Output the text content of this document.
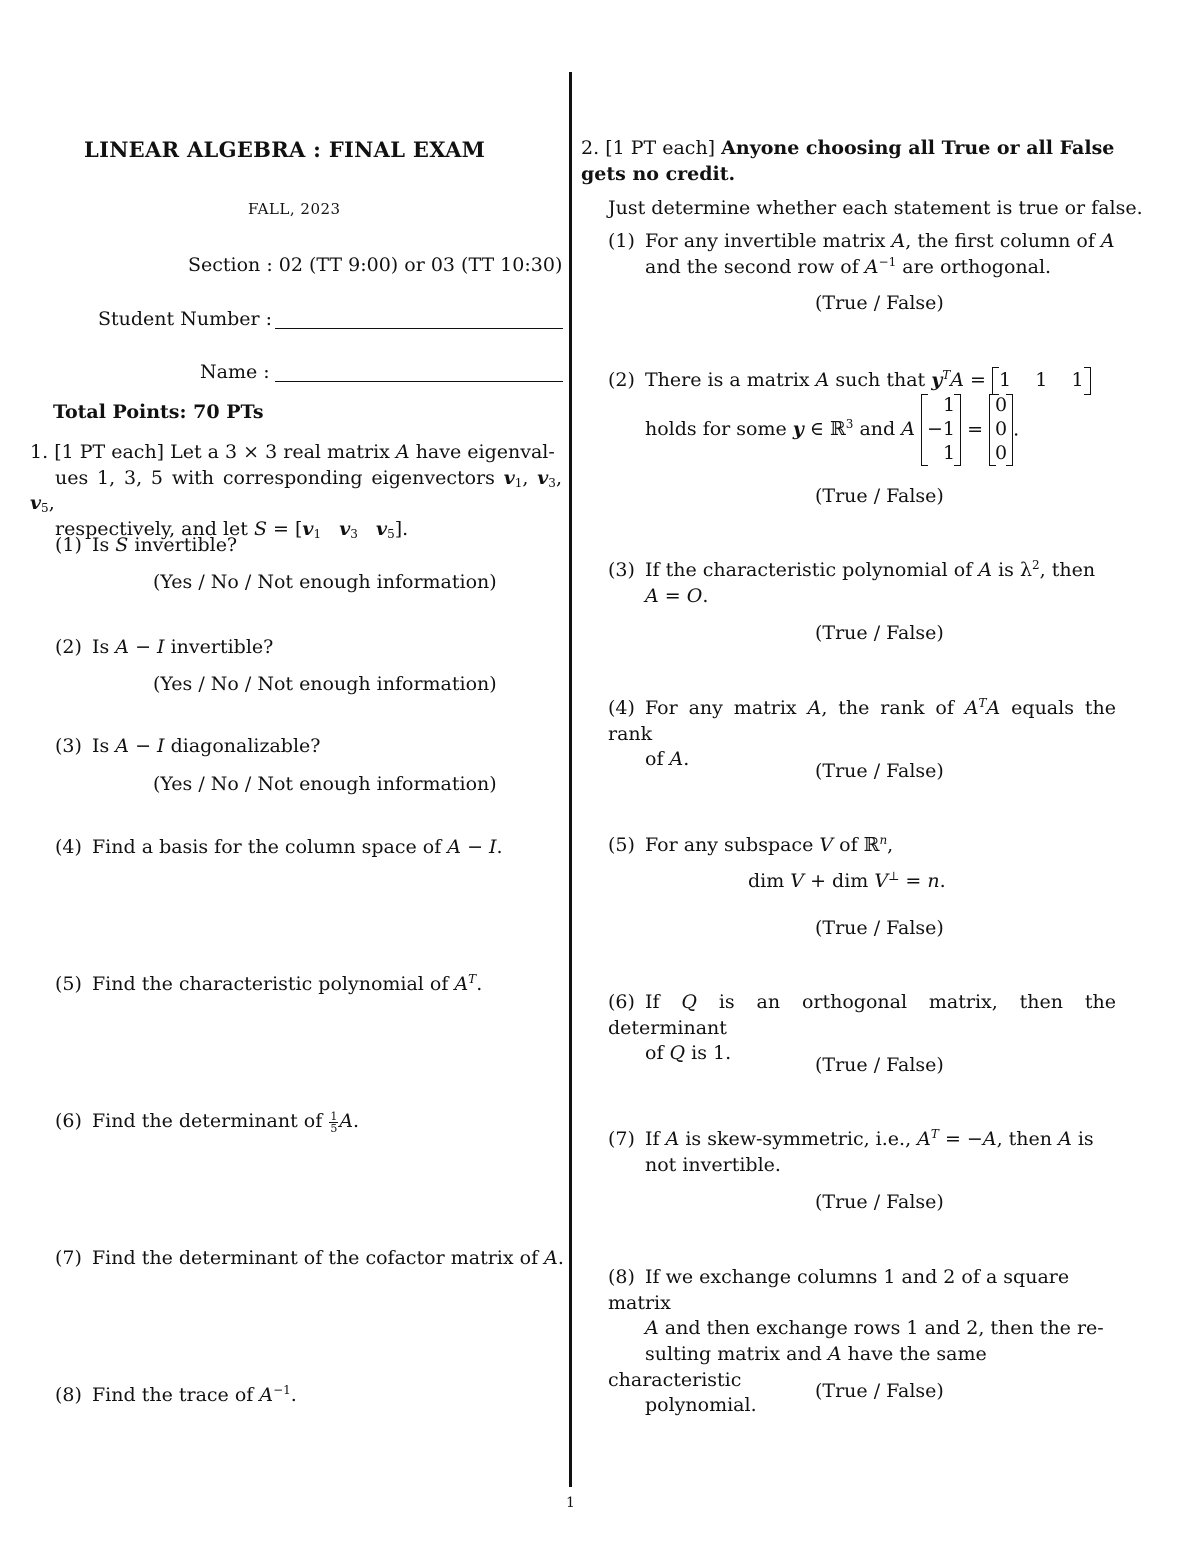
LINEAR ALGEBRA : FINAL EXAM
FALL, 2023
Section : 02 (TT 9:00) or 03 (TT 10:30)
Student Number :
Name :
Total Points: 70 PTs
1. [1 PT each] Let a 3 × 3 real matrix A have eigenval-
ues 1, 3, 5 with corresponding eigenvectors $v_1$, $v_3$, $v_5$,
respectively, and let $S = [v_1$ $v_3$ $v_5$].
(1) Is S invertible?
(Yes / No / Not enough information)
(2) Is A − I invertible?
(Yes / No / Not enough information)
(3) Is A − I diagonalizable?
(Yes / No / Not enough information)
(4) Find a basis for the column space of A − I.
(5) Find the characteristic polynomial of $A^T$.
(6) Find the determinant of $\frac{1}{5} A$.
(7) Find the determinant of the cofactor matrix of A.
(8) Find the trace of $A^{-1}$.
2. [1 PT each] Anyone choosing all True or all False gets no credit.
Just determine whether each statement is true or false.
(1) For any invertible matrix A, the first column of A
and the second row of $A^{-1}$ are orthogonal.
(True / False)
(2) There is a matrix A such that $y^TA = 1$    1    1
holds for some y ∈ ℝ$^3$ and A 1
−1
1 = 0
0
0.
(True / False)
(3) If the characteristic polynomial of A is $\lambda^2$, then
A = O.
(True / False)
(4) For any matrix A, the rank of $A^TA$ equals the rank
of A.
(True / False)
(5) For any subspace V of ℝ$^n$,
dim V + dim V⊥ = n.
(True / False)
(6) If Q is an orthogonal matrix, then the determinant
of Q is 1.
(True / False)
(7) If A is skew-symmetric, i.e., $A^T = -A$, then A is
not invertible.
(True / False)
(8) If we exchange columns 1 and 2 of a square matrix
A and then exchange rows 1 and 2, then the re-
sulting matrix and A have the same characteristic
polynomial.
(True / False)
1
